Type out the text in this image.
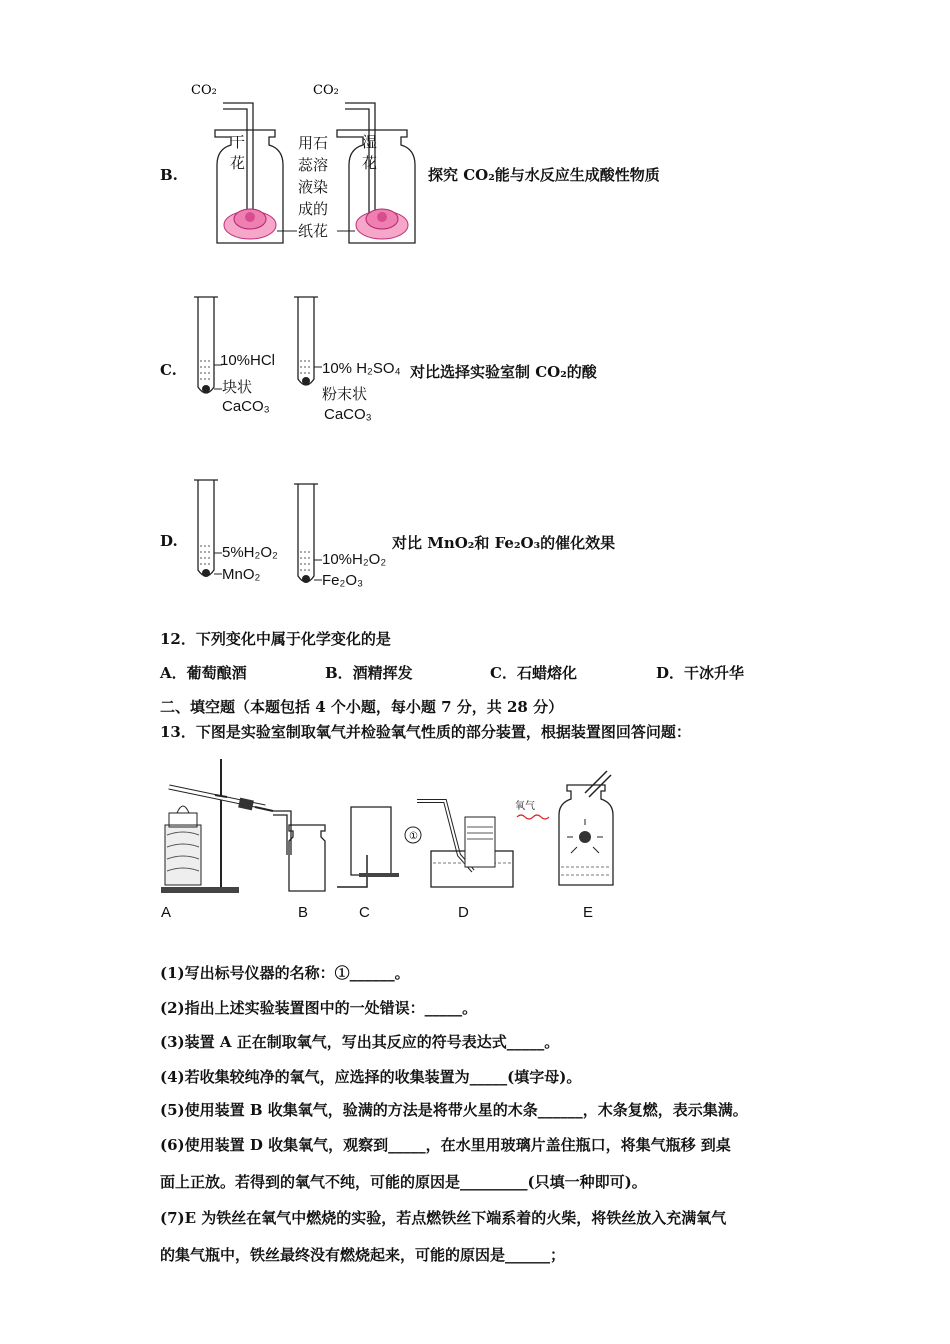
B.
CO₂	CO₂
干花
湿花
用石
蕊溶
液染
成的
纸花
探究 CO₂能与水反应生成酸性物质
C.
10%HCl
块状
CaCO₃
10% H₂SO₄
粉末状
CaCO₃
对比选择实验室制 CO₂的酸
D.
5%H₂O₂
MnO₂
10%H₂O₂
Fe₂O₃
对比 MnO₂和 Fe₂O₃的催化效果
12．下列变化中属于化学变化的是
A．葡萄酿酒	B．酒精挥发	C．石蜡熔化	D．干冰升华
二、填空题（本题包括 4 个小题，每小题 7 分，共 28 分）
13．下图是实验室制取氧气并检验氧气性质的部分装置，根据装置图回答问题：
①
氧气
A	B	C	D	E
(1)写出标号仪器的名称：①______。
(2)指出上述实验装置图中的一处错误：_____。
(3)装置 A 正在制取氧气，写出其反应的符号表达式_____。
(4)若收集较纯净的氧气，应选择的收集装置为_____(填字母)。
(5)使用装置 B 收集氧气，验满的方法是将带火星的木条______，木条复燃，表示集满。
(6)使用装置 D 收集氧气，观察到_____，在水里用玻璃片盖住瓶口，将集气瓶移 到桌
面上正放。若得到的氧气不纯，可能的原因是_________(只填一种即可)。
(7)E 为铁丝在氧气中燃烧的实验，若点燃铁丝下端系着的火柴，将铁丝放入充满氧气
的集气瓶中，铁丝最终没有燃烧起来，可能的原因是______；
